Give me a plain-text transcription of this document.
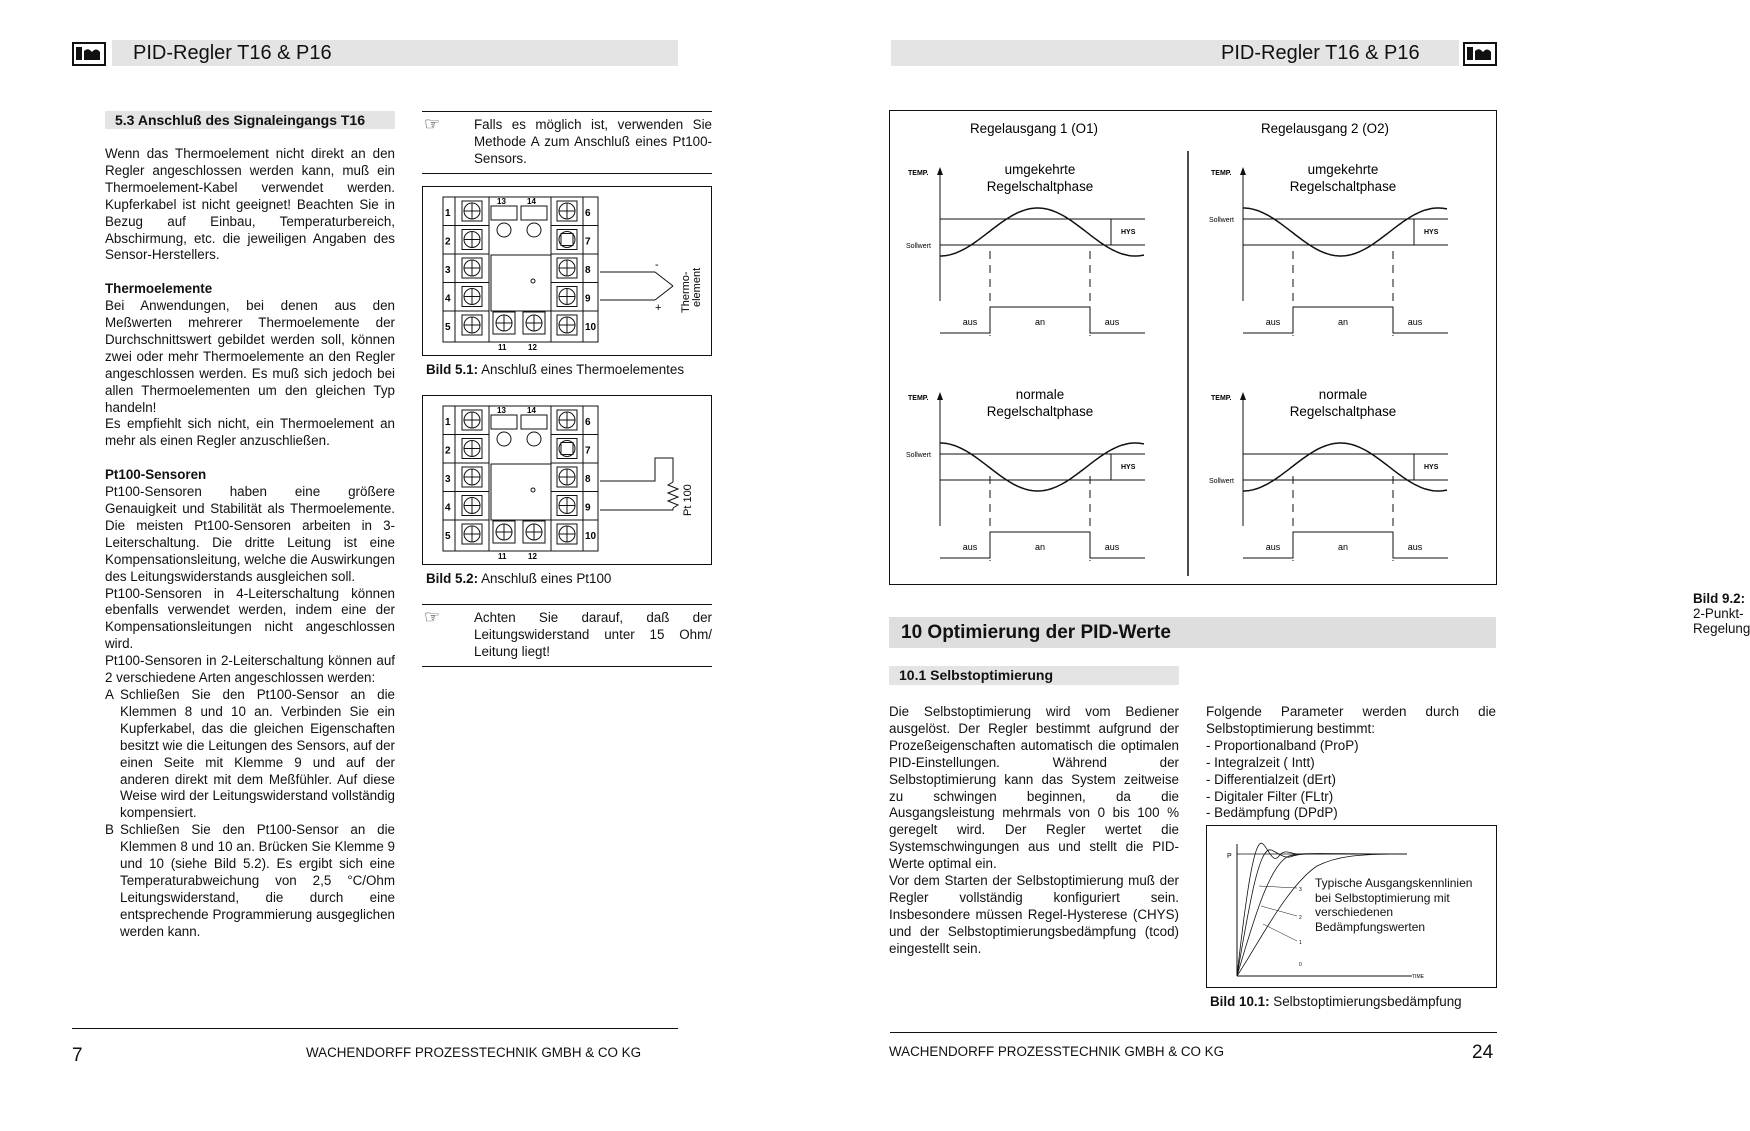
PID-Regler T16 & P16
5.3 Anschluß des Signaleingangs T16

Wenn das Thermoelement nicht direkt an den Regler angeschlossen werden kann, muß ein Thermoelement-Kabel verwendet werden. Kupferkabel ist nicht geeignet! Beachten Sie in Bezug auf Einbau, Temperaturbereich, Abschirmung, etc. die jeweiligen Angaben des Sensor-Herstellers.

Thermoelemente

Bei Anwendungen, bei denen aus den Meßwerten mehrerer Thermoelemente der Durchschnittswert gebildet werden soll, können zwei oder mehr Thermoelemente an den Regler angeschlossen werden. Es muß sich jedoch bei allen Thermoelementen um den gleichen Typ handeln!

Es empfiehlt sich nicht, ein Thermoelement an mehr als einen Regler anzuschließen.

Pt100-Sensoren

Pt100-Sensoren haben eine größere Genauigkeit und Stabilität als Thermoelemente. Die meisten Pt100-Sensoren arbeiten in 3-Leiterschaltung. Die dritte Leitung ist eine Kompensationsleitung, welche die Auswirkungen des Leitungswiderstands ausgleichen soll.

Pt100-Sensoren in 4-Leiterschaltung können ebenfalls verwendet werden, indem eine der Kompensationsleitungen nicht angeschlossen wird.

Pt100-Sensoren in 2-Leiterschaltung können auf 2 verschiedene Arten angeschlossen werden:

A Schließen Sie den Pt100-Sensor an die Klemmen 8 und 10 an. Verbinden Sie ein Kupferkabel, das die gleichen Eigenschaften besitzt wie die Leitungen des Sensors, auf der einen Seite mit Klemme 9 und auf der anderen direkt mit dem Meßfühler. Auf diese Weise wird der Leitungswiderstand vollständig kompensiert.
B Schließen Sie den Pt100-Sensor an die Klemmen 8 und 10 an. Brücken Sie Klemme 9 und 10 (siehe Bild 5.2). Es ergibt sich eine Temperaturabweichung von 2,5 °C/Ohm Leitungswiderstand, die durch eine entsprechende Programmierung ausgeglichen werden kann.
☞	Falls es möglich ist, verwenden Sie Methode A zum Anschluß eines Pt100-Sensors.
1	6
2	7
3	8
4	9
5	10
13	14
11	12
-
+ Thermo-element
Bild 5.1: Anschluß eines Thermoelementes
1	6
2	7
3	8
4	9
5	10
13	14
11	12
Pt 100
Bild 5.2: Anschluß eines Pt100
☞	Achten Sie darauf, daß der Leitungswiderstand unter 15 Ohm/ Leitung liegt!
7	WACHENDORFF PROZESSTECHNIK GMBH & CO KG
PID-Regler T16 & P16
Regelausgang 1 (O1)	Regelausgang 2 (O2)
TEMP.	umgekehrte
Regelschaltphase
Sollwert
HYS
aus	an	aus
TEMP.	umgekehrte
Regelschaltphase
Sollwert
HYS
aus	an	aus
TEMP.	normale
Regelschaltphase
Sollwert
HYS
aus	an	aus
TEMP.	normale
Regelschaltphase
Sollwert
HYS
aus	an	aus
Bild 9.2: 2-Punkt-Regelung
10 Optimierung der PID-Werte
10.1 Selbstoptimierung

Die Selbstoptimierung wird vom Bediener ausgelöst. Der Regler bestimmt aufgrund der Prozeßeigenschaften automatisch die optimalen PID-Einstellungen. Während der Selbstoptimierung kann das System zeitweise zu schwingen beginnen, da die Ausgangsleistung mehrmals von 0 bis 100 % geregelt wird. Der Regler wertet die Systemschwingungen aus und stellt die PID-Werte optimal ein.

Vor dem Starten der Selbstoptimierung muß der Regler vollständig konfiguriert sein. Insbesondere müssen Regel-Hysterese (CHYS) und der Selbstoptimierungsbedämpfung (tcod) eingestellt sein.

Folgende Parameter werden durch die Selbstoptimierung bestimmt:

- Proportionalband (ProP)

- Integralzeit ( Intt)

- Differentialzeit (dErt)

- Digitaler Filter (FLtr)

- Bedämpfung (DPdP)

P
TIME
3
2
1
0
Typische Ausgangskennlinien bei Selbstoptimierung mit verschiedenen Bedämpfungswerten
Bild 10.1: Selbstoptimierungsbedämpfung
WACHENDORFF PROZESSTECHNIK GMBH & CO KG	24
